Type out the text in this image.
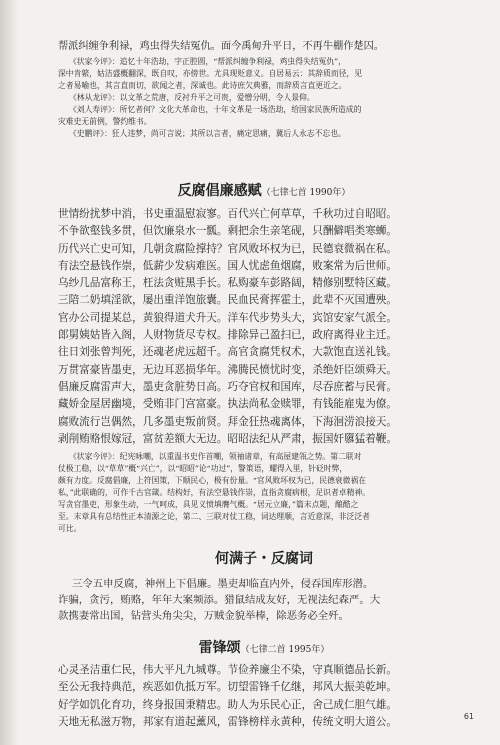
帮派纠缠争利禄，鸡虫得失结冤仇。面今禹甸升平日，不再牛棚作楚囚。
《状家今评》：追忆十年浩劫，字正腔圆，“帮派纠缠争利禄，鸡虫得失结冤仇”，
深中肯綮，姑洁盛概翻深，既自叹，亦傍世。尤具现贬意义。自居易云：其辞质而径，见
之者易喻也，其言直而切，欲闻之者，深诚也。此诗庶欠典雅，而辞质言直更近之。
《林从龙评》：以文革之荒唐，反衬升平之可贵，爱憎分明，令人景仰。
《刘人寿评》：所忆者何？文化大革命也，十年文革是一场浩劫，给国家民族所造成的
灾难史无前例，警约维书。
《史鹏评》：狂人违梦，尚可言说；其所以言者，痛定思痛，冀后人永志不忘也。
反腐倡廉感赋（七律七首 1990年）
世情纷扰梦中消，书史重温慰寂寥。百代兴亡何草草，千秋功过自昭昭。
不争欲壑钱多贯，但饮廉泉水一瓢。剩把余生亲笔砚，只酬僻唱类寒蛳。
历代兴亡史可知，几朝贪腐险撑持？官风败坏权为已，民德衰微祸在私。
有法空悬钱作崇，低薪少发病难医。国人忧虑鱼烟腐，败案常为后世师。
乌纱几品富称王，枉法贪赃黑手长。私购豪车彭路阔，精修别墅特区藏。
三陪二奶填淫欲，屡出重洋饱旅囊。民血民膏挥霍土，此辈不灭国遭殃。
官办公司提某总，黄狼得道犬升天。洋车代步势头大，宾馆安家气派全。
郎舅姨姑皆入阁，人财物货尽专权。排除异己盈扫已，政府离得业主迁。
往日刘张曾判死，还魂老虎远超千。高官贪腐凭权术，大款饱直送礼钱。
万贯富豪皆墨吏，无边耳恶损华年。沸腾民愤忧时变，杀绝奸臣颂舜天。
倡廉反腐雷声大，墨吏贪脏势日高。巧夺官权和国库，尽吞庶蓄与民膏。
藏娇金屋居幽境，受贿非门宫富豪。执法尚私金赎罪，有钱能雇鬼为僚。
腐败流行岂偶然，几多墨吏叛前贤。拜金狂热魂离体，下海洄涝浪接天。
剥削贿赂恨嫁冠，富贫差额大无边。昭昭法纪从严肃，振国奸隳猛着鞭。
《状家今评》：纪宪咏嘲，以重温书史作首嘲，领袖诸章，有高屋建瓴之势。第二联对
仗极工稳，以“草草”概“兴亡”，以“昭昭”论“功过”，警策语，耀得入里，针砭时弊，
颇有力度。反腐倡廉，上符国策，下顺民心，极有份量。“官风败坏权为已，民德衰微祸在
私，”此联确的，可作千古官箴。结构好，有法空悬钱作崇，直指贪腐病根，足识者卓精神。
写贪官墨吏，形象生动，一气呵成，具见义愤填膺气概。“居元立廉，”篇末点题，酿酷之
至。末章具有总结性正本清源之论，第二、三联对仗工稳，词达理顺，言近意深，非泛泛者
可比。
何满子・反腐词
三令五申反腐，神州上下倡廉。墨吏却临直内外，侵吞国库形潜。
诈骗，贪污，贿赂，年年大案频添。猎鼠结成友好，无视法纪森严。大
款携妻常出国，钻营头角尖尖，万贼金貌举棒，除恶务必全歼。
雷锋颂（七律二首 1995年）
心灵圣洁重仁民，伟大平凡九城尊。节俭养廉尘不染，守真顺德品长新。
至公无我持典范，疾恶如仇抵万军。切望雷锋千亿继，邦风大振美乾坤。
好学如饥化育功，终身报国秉精忠。助人为乐民心正，舍己成仁胆气雄。
天地无私滋万物，邦家有道起薰风，雷锋榜样永黄种，传统文明大道公。	61
